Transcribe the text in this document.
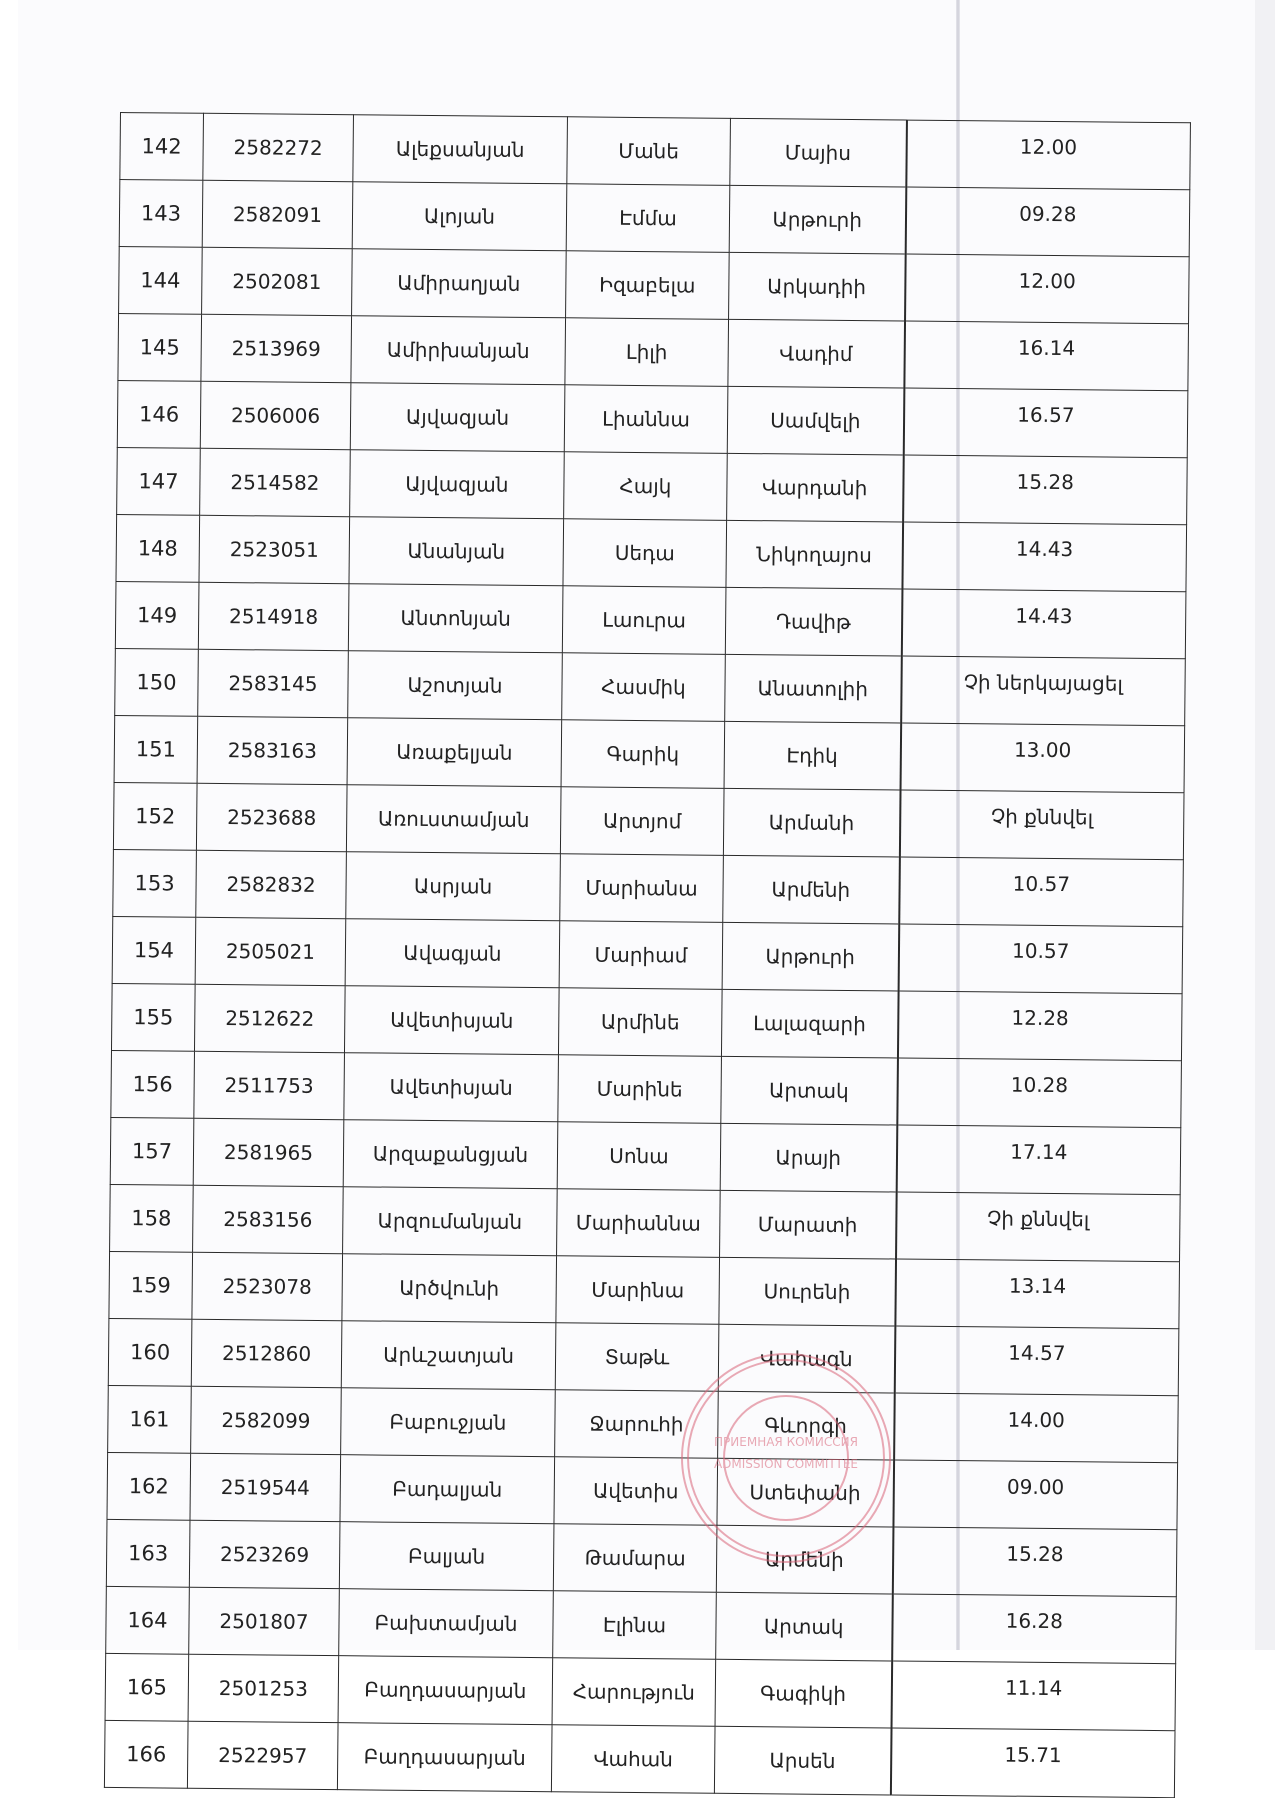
142	2582272	Ալեքսանյան	Մանե	Մայիս	12.00
143	2582091	Ալոյան	Էմմա	Արթուրի	09.28
144	2502081	Ամիրաղյան	Իզաբելա	Արկադիի	12.00
145	2513969	Ամիրխանյան	Լիլի	Վադիմ	16.14
146	2506006	Այվազյան	Լիաննա	Սամվելի	16.57
147	2514582	Այվազյան	Հայկ	Վարդանի	15.28
148	2523051	Անանյան	Սեդա	Նիկողայոս	14.43
149	2514918	Անտոնյան	Լաուրա	Դավիթ	14.43
150	2583145	Աշոտյան	Հասմիկ	Անատոլիի	Չի ներկայացել
151	2583163	Առաքելյան	Գարիկ	Էդիկ	13.00
152	2523688	Առուստամյան	Արտյոմ	Արմանի	Չի քննվել
153	2582832	Ասրյան	Մարիանա	Արմենի	10.57
154	2505021	Ավագյան	Մարիամ	Արթուրի	10.57
155	2512622	Ավետիսյան	Արմինե	Լալազարի	12.28
156	2511753	Ավետիսյան	Մարինե	Արտակ	10.28
157	2581965	Արզաքանցյան	Սոնա	Արայի	17.14
158	2583156	Արզումանյան	Մարիաննա	Մարատի	Չի քննվել
159	2523078	Արծվունի	Մարինա	Սուրենի	13.14
160	2512860	Արևշատյան	Տաթև	Վահագն	14.57
161	2582099	Բաբուջյան	Ջարուհի	Գևորգի	14.00
162	2519544	Բադալյան	Ավետիս	Ստեփանի	09.00
163	2523269	Բալյան	Թամարա	Արմենի	15.28
164	2501807	Բախտամյան	Էլինա	Արտակ	16.28
165	2501253	Բաղդասարյան	Հարություն	Գագիկի	11.14
166	2522957	Բաղդասարյան	Վահան	Արսեն	15.71
ПРИЕМНАЯ КОМИССИЯ
ADMISSION COMMITTEE
